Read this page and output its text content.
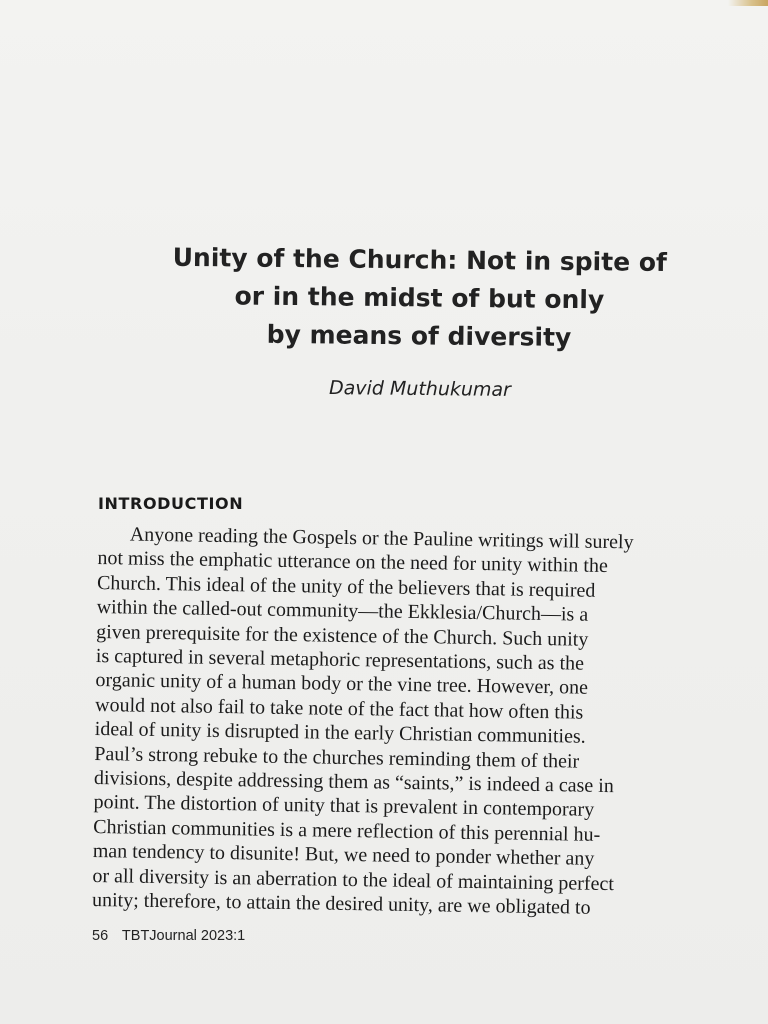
Unity of the Church: Not in spite of
or in the midst of but only
by means of diversity
David Muthukumar
INTRODUCTION
Anyone reading the Gospels or the Pauline writings will surely
not miss the emphatic utterance on the need for unity within the
Church. This ideal of the unity of the believers that is required
within the called-out community—the Ekklesia/Church—is a
given prerequisite for the existence of the Church. Such unity
is captured in several metaphoric representations, such as the
organic unity of a human body or the vine tree. However, one
would not also fail to take note of the fact that how often this
ideal of unity is disrupted in the early Christian communities.
Paul’s strong rebuke to the churches reminding them of their
divisions, despite addressing them as “saints,” is indeed a case in
point. The distortion of unity that is prevalent in contemporary
Christian communities is a mere reflection of this perennial hu-
man tendency to disunite! But, we need to ponder whether any
or all diversity is an aberration to the ideal of maintaining perfect
unity; therefore, to attain the desired unity, are we obligated to
56 TBTJournal 2023:1
